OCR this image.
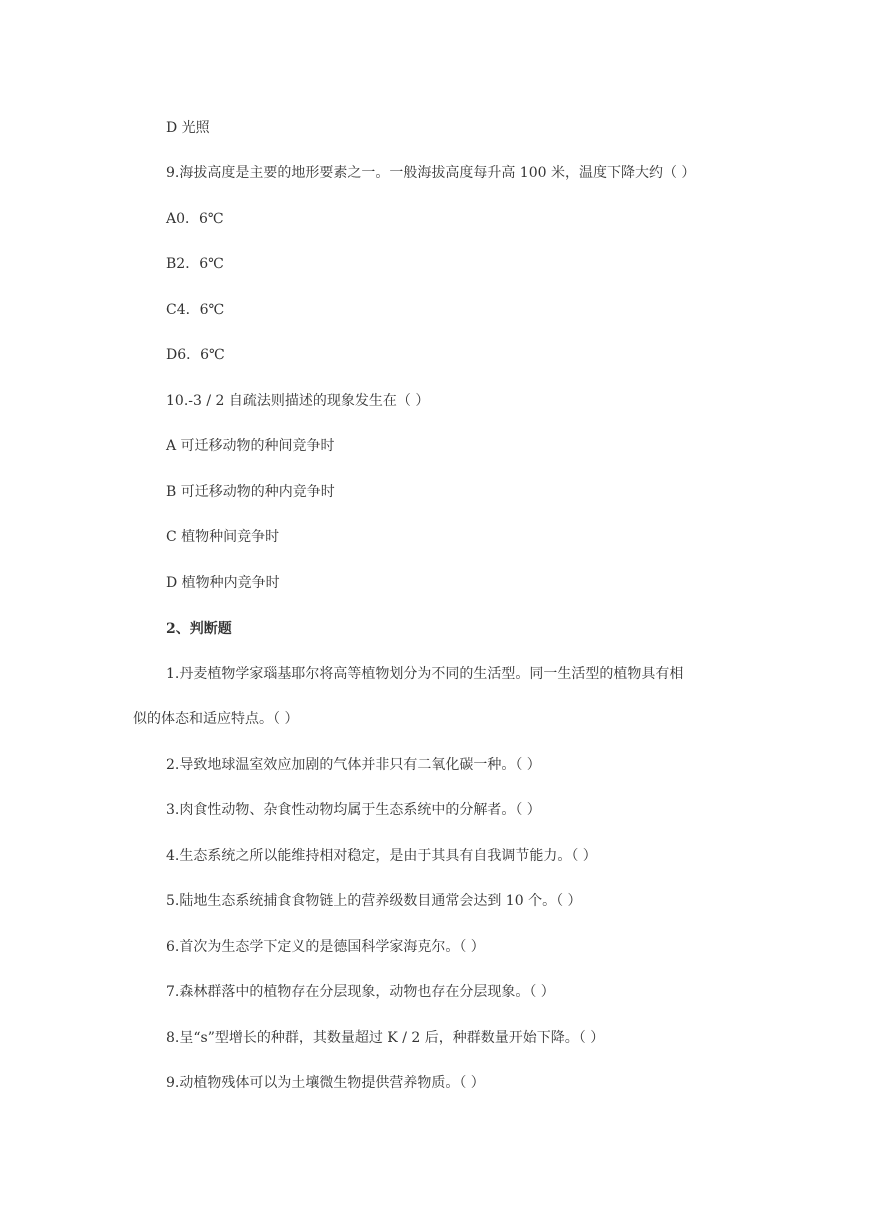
D 光照
9.海拔高度是主要的地形要素之一。一般海拔高度每升高 100 米，温度下降大约（ ）
A0．6℃
B2．6℃
C4．6℃
D6．6℃
10.-3 / 2 自疏法则描述的现象发生在（ ）
A 可迁移动物的种间竞争时
B 可迁移动物的种内竞争时
C 植物种间竞争时
D 植物种内竞争时
2、判断题
1.丹麦植物学家瑙基耶尔将高等植物划分为不同的生活型。同一生活型的植物具有相
似的体态和适应特点。（ ）
2.导致地球温室效应加剧的气体并非只有二氧化碳一种。（ ）
3.肉食性动物、杂食性动物均属于生态系统中的分解者。（ ）
4.生态系统之所以能维持相对稳定，是由于其具有自我调节能力。（ ）
5.陆地生态系统捕食食物链上的营养级数目通常会达到 10 个。（ ）
6.首次为生态学下定义的是德国科学家海克尔。（ ）
7.森林群落中的植物存在分层现象，动物也存在分层现象。（ ）
8.呈“s”型增长的种群，其数量超过 K / 2 后，种群数量开始下降。（ ）
9.动植物残体可以为土壤微生物提供营养物质。（ ）
